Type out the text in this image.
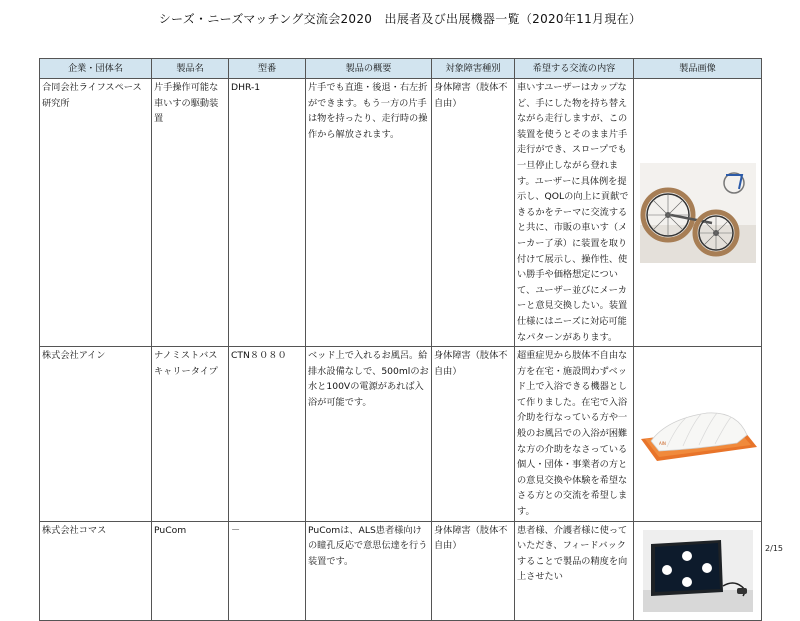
シーズ・ニーズマッチング交流会2020　出展者及び出展機器一覧（2020年11月現在）
企業・団体名	製品名	型番	製品の概要	対象障害種別	希望する交流の内容	製品画像
合同会社ライフスペース研究所	片手操作可能な車いすの駆動装置	DHR-1	片手でも直進・後退・右左折ができます。もう一方の片手は物を持ったり、走行時の操作から解放されます。	身体障害（肢体不自由）	車いすユーザーはカップなど、手にした物を持ち替えながら走行しますが、この装置を使うとそのまま片手走行ができ、スロープでも一旦停止しながら登れます。ユーザーに具体例を提示し、QOLの向上に貢献できるかをテーマに交流すると共に、市販の車いす（メーカー了承）に装置を取り付けて展示し、操作性、使い勝手や価格想定について、ユーザー並びにメーカーと意見交換したい。装置仕様にはニーズに対応可能なパターンがあります。	

株式会社アイン	ナノミストバス キャリータイプ	CTN８０８０	ベッド上で入れるお風呂。給排水設備なしで、500mlのお水と100Vの電源があれば入浴が可能です。	身体障害（肢体不自由）	超重症児から肢体不自由な方を在宅・施設問わずベッド上で入浴できる機器として作りました。在宅で入浴介助を行なっている方や一般のお風呂での入浴が困難な方の介助をなさっている個人・団体・事業者の方との意見交換や体験を希望なさる方との交流を希望します。	AIN

株式会社コマス	PuCom	－	PuComは、ALS患者様向けの瞳孔反応で意思伝達を行う装置です。	身体障害（肢体不自由）	患者様、介護者様に使っていただき、フィードバックすることで製品の精度を向上させたい	
2/15
